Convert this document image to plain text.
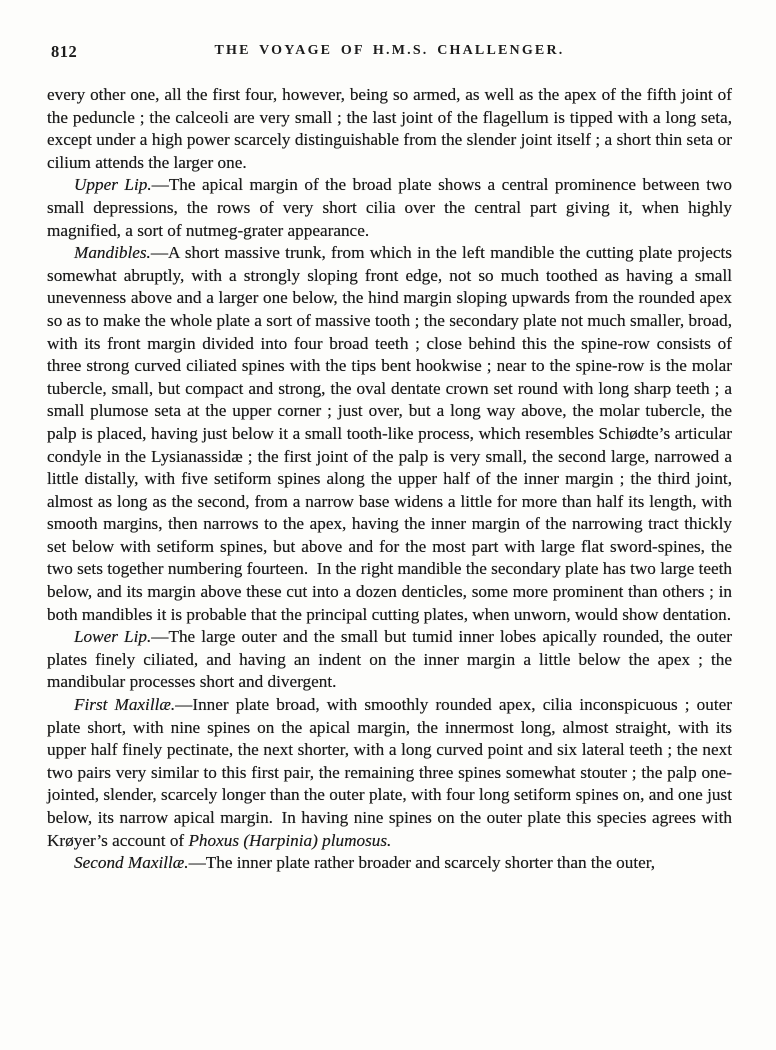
812	THE VOYAGE OF H.M.S. CHALLENGER.

every other one, all the first four, however, being so armed, as well as the apex of the fifth joint of the peduncle ; the calceoli are very small ; the last joint of the flagellum is tipped with a long seta, except under a high power scarcely distinguishable from the slender joint itself ; a short thin seta or cilium attends the larger one.

Upper Lip.—The apical margin of the broad plate shows a central prominence between two small depressions, the rows of very short cilia over the central part giving it, when highly magnified, a sort of nutmeg-grater appearance.

Mandibles.—A short massive trunk, from which in the left mandible the cutting plate projects somewhat abruptly, with a strongly sloping front edge, not so much toothed as having a small unevenness above and a larger one below, the hind margin sloping upwards from the rounded apex so as to make the whole plate a sort of massive tooth ; the secondary plate not much smaller, broad, with its front margin divided into four broad teeth ; close behind this the spine-row consists of three strong curved ciliated spines with the tips bent hookwise ; near to the spine-row is the molar tubercle, small, but compact and strong, the oval dentate crown set round with long sharp teeth ; a small plumose seta at the upper corner ; just over, but a long way above, the molar tubercle, the palp is placed, having just below it a small tooth-like process, which resembles Schiødte’s articular condyle in the Lysianassidæ ; the first joint of the palp is very small, the second large, narrowed a little distally, with five setiform spines along the upper half of the inner margin ; the third joint, almost as long as the second, from a narrow base widens a little for more than half its length, with smooth margins, then narrows to the apex, having the inner margin of the narrowing tract thickly set below with setiform spines, but above and for the most part with large flat sword-spines, the two sets together numbering fourteen. In the right mandible the secondary plate has two large teeth below, and its margin above these cut into a dozen denticles, some more prominent than others ; in both mandibles it is probable that the principal cutting plates, when unworn, would show dentation.

Lower Lip.—The large outer and the small but tumid inner lobes apically rounded, the outer plates finely ciliated, and having an indent on the inner margin a little below the apex ; the mandibular processes short and divergent.

First Maxillæ.—Inner plate broad, with smoothly rounded apex, cilia inconspicuous ; outer plate short, with nine spines on the apical margin, the innermost long, almost straight, with its upper half finely pectinate, the next shorter, with a long curved point and six lateral teeth ; the next two pairs very similar to this first pair, the remaining three spines somewhat stouter ; the palp one-jointed, slender, scarcely longer than the outer plate, with four long setiform spines on, and one just below, its narrow apical margin. In having nine spines on the outer plate this species agrees with Krøyer’s account of Phoxus (Harpinia) plumosus.

Second Maxillæ.—The inner plate rather broader and scarcely shorter than the outer,
